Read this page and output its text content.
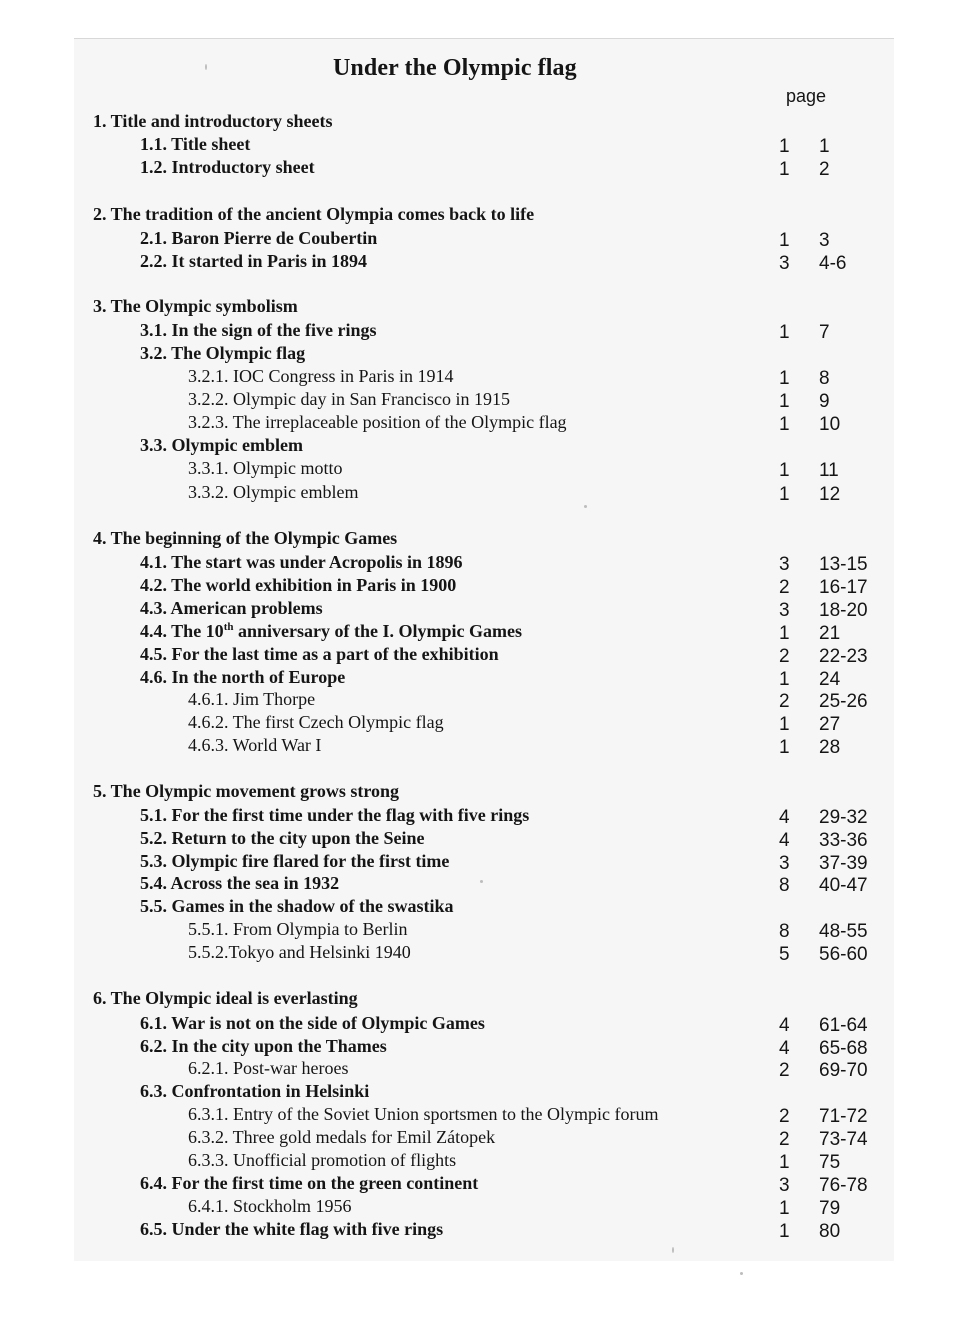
Under the Olympic flag
page
1. Title and introductory sheets
1.1. Title sheet	1 1
1.2. Introductory sheet	1 2
2. The tradition of the ancient Olympia comes back to life
2.1. Baron Pierre de Coubertin	1 3
2.2. It started in Paris in 1894	3 4-6
3. The Olympic symbolism
3.1. In the sign of the five rings	1 7
3.2. The Olympic flag
3.2.1. IOC Congress in Paris in 1914	1 8
3.2.2. Olympic day in San Francisco in 1915	1 9
3.2.3. The irreplaceable position of the Olympic flag	1 10
3.3. Olympic emblem
3.3.1. Olympic motto	1 11
3.3.2. Olympic emblem	1 12
4. The beginning of the Olympic Games
4.1. The start was under Acropolis in 1896	3 13-15
4.2. The world exhibition in Paris in 1900	2 16-17
4.3. American problems	3 18-20
4.4. The 10th anniversary of the I. Olympic Games	1 21
4.5. For the last time as a part of the exhibition	2 22-23
4.6. In the north of Europe	1 24
4.6.1. Jim Thorpe	2 25-26
4.6.2. The first Czech Olympic flag	1 27
4.6.3. World War I	1 28
5. The Olympic movement grows strong
5.1. For the first time under the flag with five rings	4 29-32
5.2. Return to the city upon the Seine	4 33-36
5.3. Olympic fire flared for the first time	3 37-39
5.4. Across the sea in 1932	8 40-47
5.5. Games in the shadow of the swastika
5.5.1. From Olympia to Berlin	8 48-55
5.5.2.Tokyo and Helsinki 1940	5 56-60
6. The Olympic ideal is everlasting
6.1. War is not on the side of Olympic Games	4 61-64
6.2. In the city upon the Thames	4 65-68
6.2.1. Post-war heroes	2 69-70
6.3. Confrontation in Helsinki
6.3.1. Entry of the Soviet Union sportsmen to the Olympic forum	2 71-72
6.3.2. Three gold medals for Emil Zátopek	2 73-74
6.3.3. Unofficial promotion of flights	1 75
6.4. For the first time on the green continent	3 76-78
6.4.1. Stockholm 1956	1 79
6.5. Under the white flag with five rings	1 80
